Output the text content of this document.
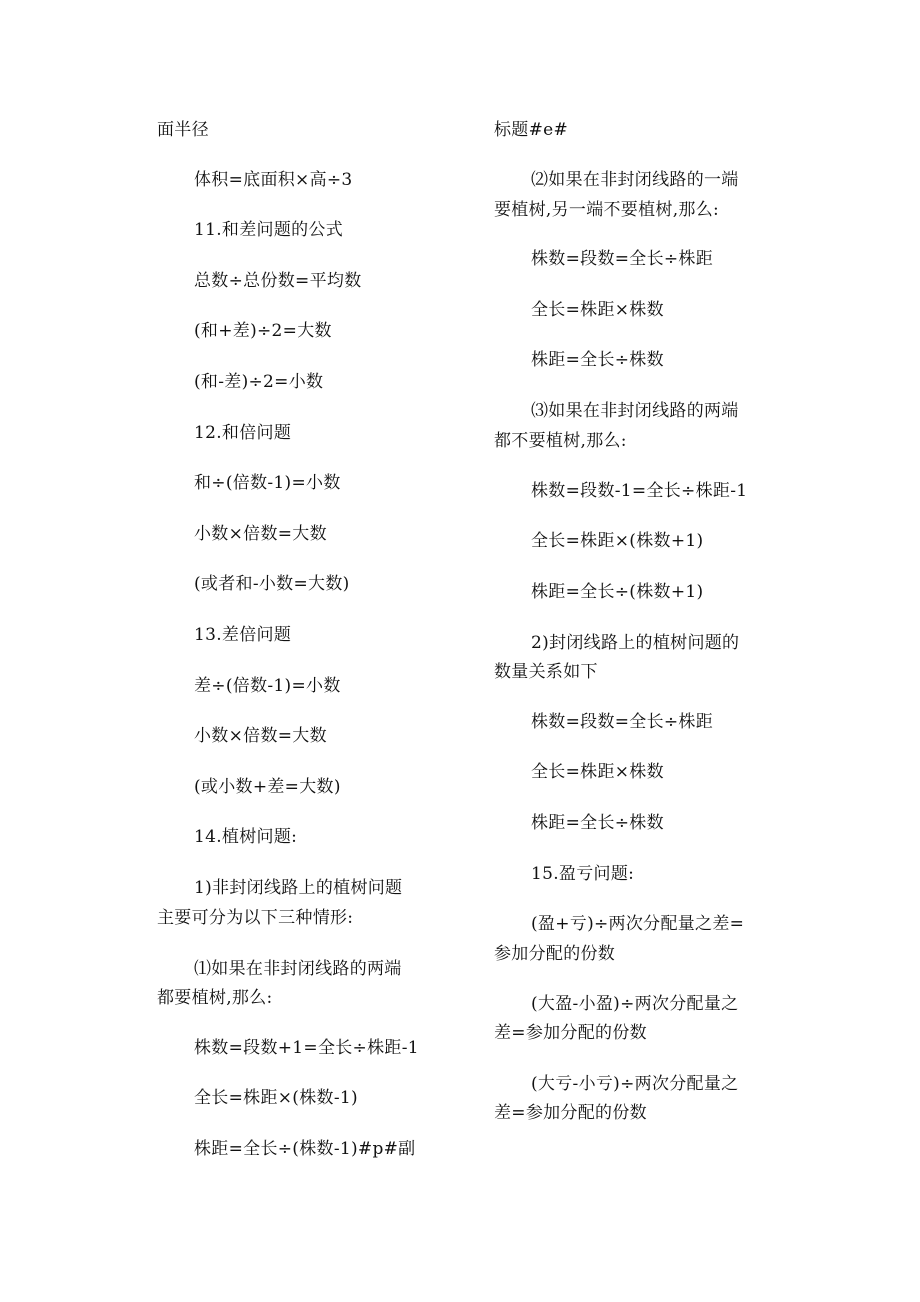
面半径
体积=底面积×高÷3
11.和差问题的公式
总数÷总份数=平均数
(和+差)÷2=大数
(和-差)÷2=小数
12.和倍问题
和÷(倍数-1)=小数
小数×倍数=大数
(或者和-小数=大数)
13.差倍问题
差÷(倍数-1)=小数
小数×倍数=大数
(或小数+差=大数)
14.植树问题:
1)非封闭线路上的植树问题
主要可分为以下三种情形:
⑴如果在非封闭线路的两端
都要植树,那么:
株数=段数+1=全长÷株距-1
全长=株距×(株数-1)
株距=全长÷(株数-1)#p#副
标题#e#
⑵如果在非封闭线路的一端
要植树,另一端不要植树,那么:
株数=段数=全长÷株距
全长=株距×株数
株距=全长÷株数
⑶如果在非封闭线路的两端
都不要植树,那么:
株数=段数-1=全长÷株距-1
全长=株距×(株数+1)
株距=全长÷(株数+1)
2)封闭线路上的植树问题的
数量关系如下
株数=段数=全长÷株距
全长=株距×株数
株距=全长÷株数
15.盈亏问题:
(盈+亏)÷两次分配量之差=
参加分配的份数
(大盈-小盈)÷两次分配量之
差=参加分配的份数
(大亏-小亏)÷两次分配量之
差=参加分配的份数
